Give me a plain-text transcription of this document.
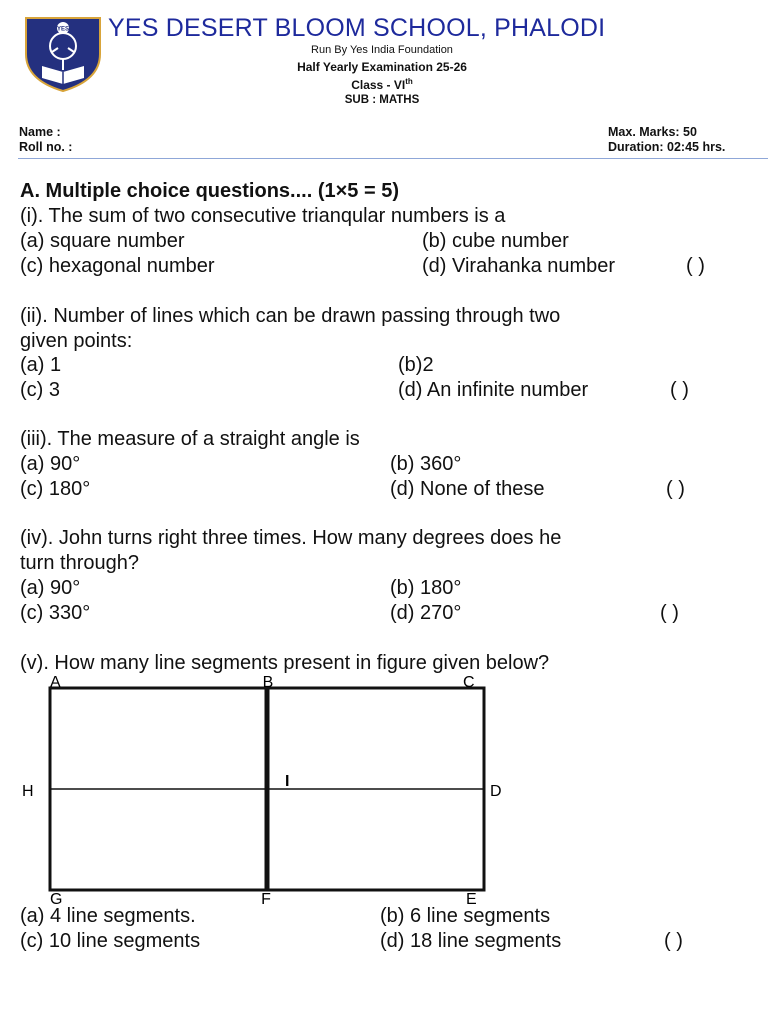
YES YES DESERT BLOOM SCHOOL, PHALODI
Run By Yes India Foundation
Half Yearly Examination 25-26
Class - VIth
SUB : MATHS
Name :
Roll no. :
Max. Marks: 50
Duration: 02:45 hrs.
A. Multiple choice questions.... (1×5 = 5)
(i). The sum of two consecutive trianqular numbers is a
(a) square number	(b) cube number
(c) hexagonal number	(d) Virahanka number	( )
(ii). Number of lines which can be drawn passing through two
given points:
(a) 1	(b)2
(c) 3	(d) An infinite number	( )
(iii). The measure of a straight angle is
(a) 90°	(b) 360°
(c) 180°	(d) None of these	( )
(iv). John turns right three times. How many degrees does he
turn through?
(a) 90°	(b) 180°
(c) 330°	(d) 270°	( )
(v). How many line segments present in figure given below?
A	B	C
H	D
I
G	F	E
(a) 4 line segments.	(b) 6 line segments
(c) 10 line segments	(d) 18 line segments	( )
